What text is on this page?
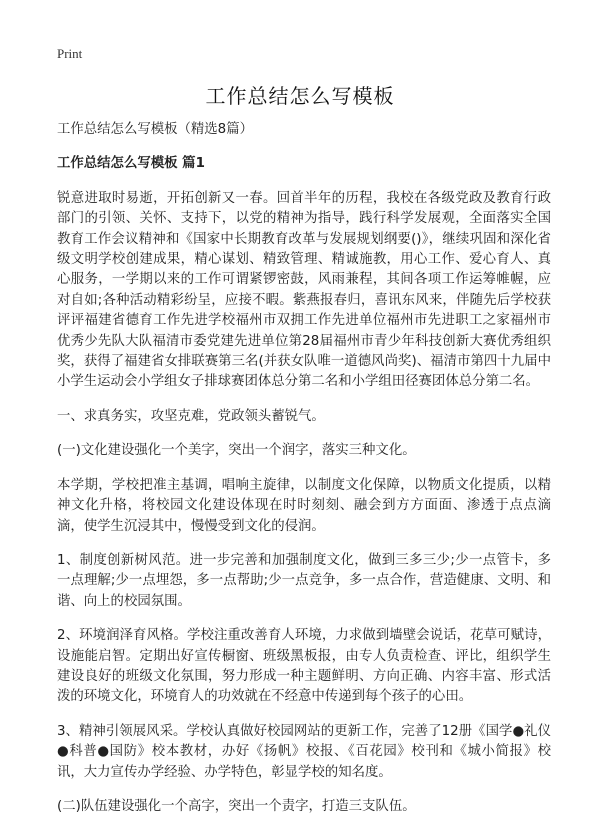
Print
工作总结怎么写模板

工作总结怎么写模板（精选8篇）

工作总结怎么写模板 篇1

锐意进取时易逝，开拓创新又一春。回首半年的历程，我校在各级党政及教育行政部门的引领、关怀、支持下，以党的精神为指导，践行科学发展观，全面落实全国教育工作会议精神和《国家中长期教育改革与发展规划纲要()》，继续巩固和深化省级文明学校创建成果，精心谋划、精致管理、精诚施教，用心工作、爱心育人、真心服务，一学期以来的工作可谓紧锣密鼓，风雨兼程，其间各项工作运筹帷幄，应对自如;各种活动精彩纷呈，应接不暇。紫燕报春归，喜讯东风来，伴随先后学校获评评福建省德育工作先进学校福州市双拥工作先进单位福州市先进职工之家福州市优秀少先队大队福清市委党建先进单位第28届福州市青少年科技创新大赛优秀组织奖，获得了福建省女排联赛第三名(并获女队唯一道德风尚奖)、福清市第四十九届中小学生运动会小学组女子排球赛团体总分第二名和小学组田径赛团体总分第二名。

一、求真务实，攻坚克难，党政领头蓄锐气。

(一)文化建设强化一个美字，突出一个润字，落实三种文化。

本学期，学校把准主基调，唱响主旋律，以制度文化保障，以物质文化提质，以精神文化升格，将校园文化建设体现在时时刻刻、融会到方方面面、渗透于点点滴滴，使学生沉浸其中，慢慢受到文化的侵润。

1、制度创新树风范。进一步完善和加强制度文化，做到三多三少;少一点管卡，多一点理解;少一点埋怨，多一点帮助;少一点竞争，多一点合作，营造健康、文明、和谐、向上的校园氛围。

2、环境润泽育风格。学校注重改善育人环境，力求做到墙壁会说话，花草可赋诗，设施能启智。定期出好宣传橱窗、班级黑板报，由专人负责检查、评比，组织学生建设良好的班级文化氛围，努力形成一种主题鲜明、方向正确、内容丰富、形式活泼的环境文化，环境育人的功效就在不经意中传递到每个孩子的心田。

3、精神引领展风采。学校认真做好校园网站的更新工作，完善了12册《国学●礼仪●科普●国防》校本教材，办好《扬帆》校报、《百花园》校刊和《城小简报》校讯，大力宣传办学经验、办学特色，彰显学校的知名度。

(二)队伍建设强化一个高字，突出一个责字，打造三支队伍。
